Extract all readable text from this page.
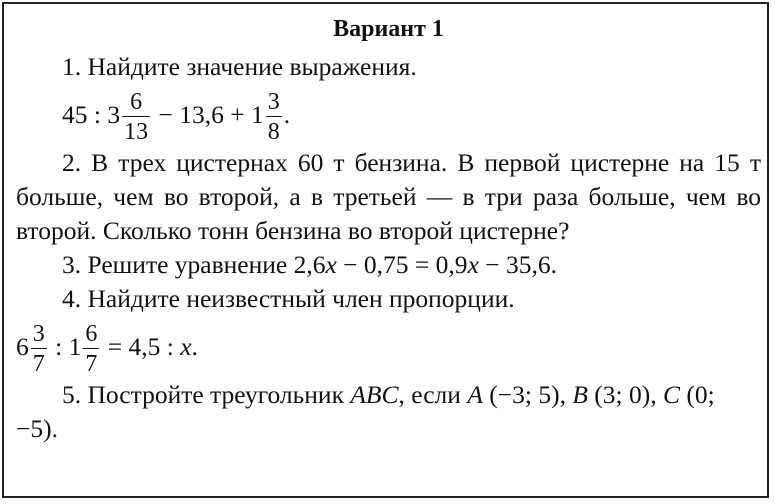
Вариант 1

1. Найдите значение выражения.

45 : $3 \frac{6}{13} - 13,6 + 1 \frac{3}{8}$ .

2. В трех цистернах 60 т бензина. В первой цистерне на 15 т больше, чем во второй, а в третьей — в три раза больше, чем во второй. Сколько тонн бензина во второй цистерне?

3. Решите уравнение 2,6x − 0,75 = 0,9x − 35,6.

4. Найдите неизвестный член пропорции.

$6 \frac{3}{7}$ : $1 \frac{6}{7} = 4,5$ : x.

5. Постройте треугольник ABC, если A (−3; 5), B (3; 0), C (0; −5).
